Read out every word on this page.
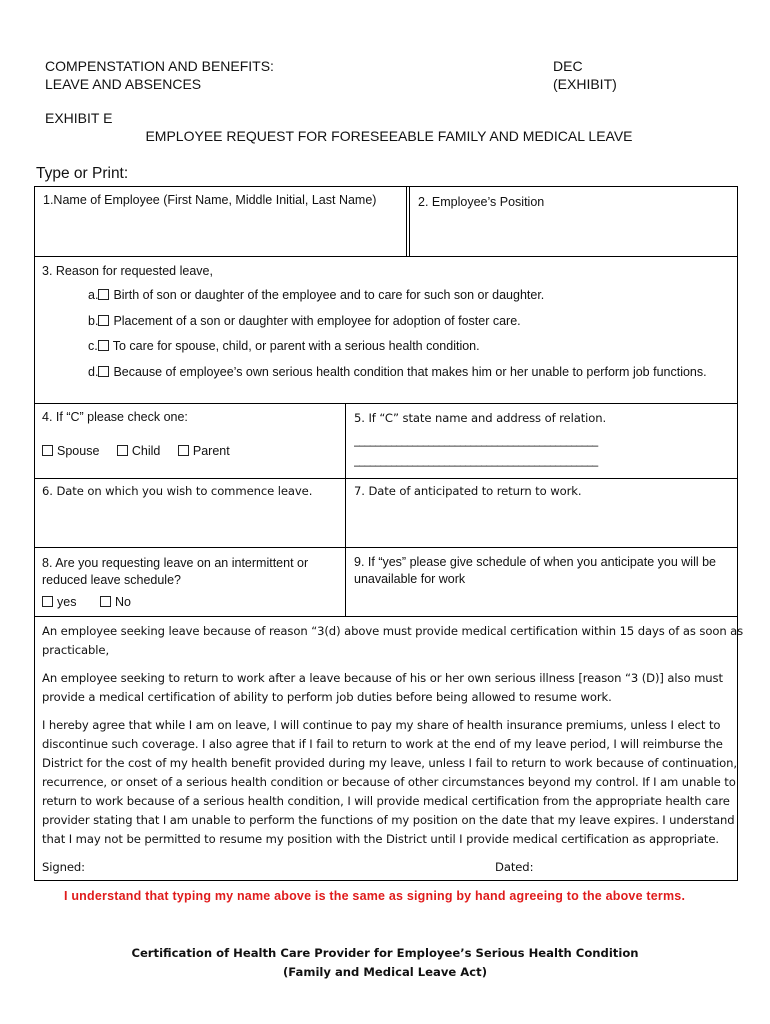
COMPENSTATION AND BENEFITS:
LEAVE AND ABSENCES
DEC
(EXHIBIT)
EXHIBIT E
EMPLOYEE REQUEST FOR FORESEEABLE FAMILY AND MEDICAL LEAVE
Type or Print:
1.Name of Employee (First Name, Middle Initial, Last Name)	2. Employee’s Position
3. Reason for requested leave,
a. Birth of son or daughter of the employee and to care for such son or daughter.
b. Placement of a son or daughter with employee for adoption of foster care.
c. To care for spouse, child, or parent with a serious health condition.
d. Because of employee’s own serious health condition that makes him or her unable to perform job functions.
4. If “C” please check one:
Spouse	Child	Parent
5. If “C” state name and address of relation.
______________________________________________
______________________________________________
6. Date on which you wish to commence leave.	7. Date of anticipated to return to work.
8. Are you requesting leave on an intermittent or
reduced leave schedule?
yes	No
9. If “yes” please give schedule of when you anticipate you will be
unavailable for work
An employee seeking leave because of reason “3(d) above must provide medical certification within 15 days of as soon as
practicable,
An employee seeking to return to work after a leave because of his or her own serious illness [reason “3 (D)] also must
provide a medical certification of ability to perform job duties before being allowed to resume work.
I hereby agree that while I am on leave, I will continue to pay my share of health insurance premiums, unless I elect to
discontinue such coverage. I also agree that if I fail to return to work at the end of my leave period, I will reimburse the
District for the cost of my health benefit provided during my leave, unless I fail to return to work because of continuation,
recurrence, or onset of a serious health condition or because of other circumstances beyond my control. If I am unable to
return to work because of a serious health condition, I will provide medical certification from the appropriate health care
provider stating that I am unable to perform the functions of my position on the date that my leave expires. I understand
that I may not be permitted to resume my position with the District until I provide medical certification as appropriate.
Signed:	Dated:
I understand that typing my name above is the same as signing by hand agreeing to the above terms.
Certification of Health Care Provider for Employee’s Serious Health Condition
(Family and Medical Leave Act)
